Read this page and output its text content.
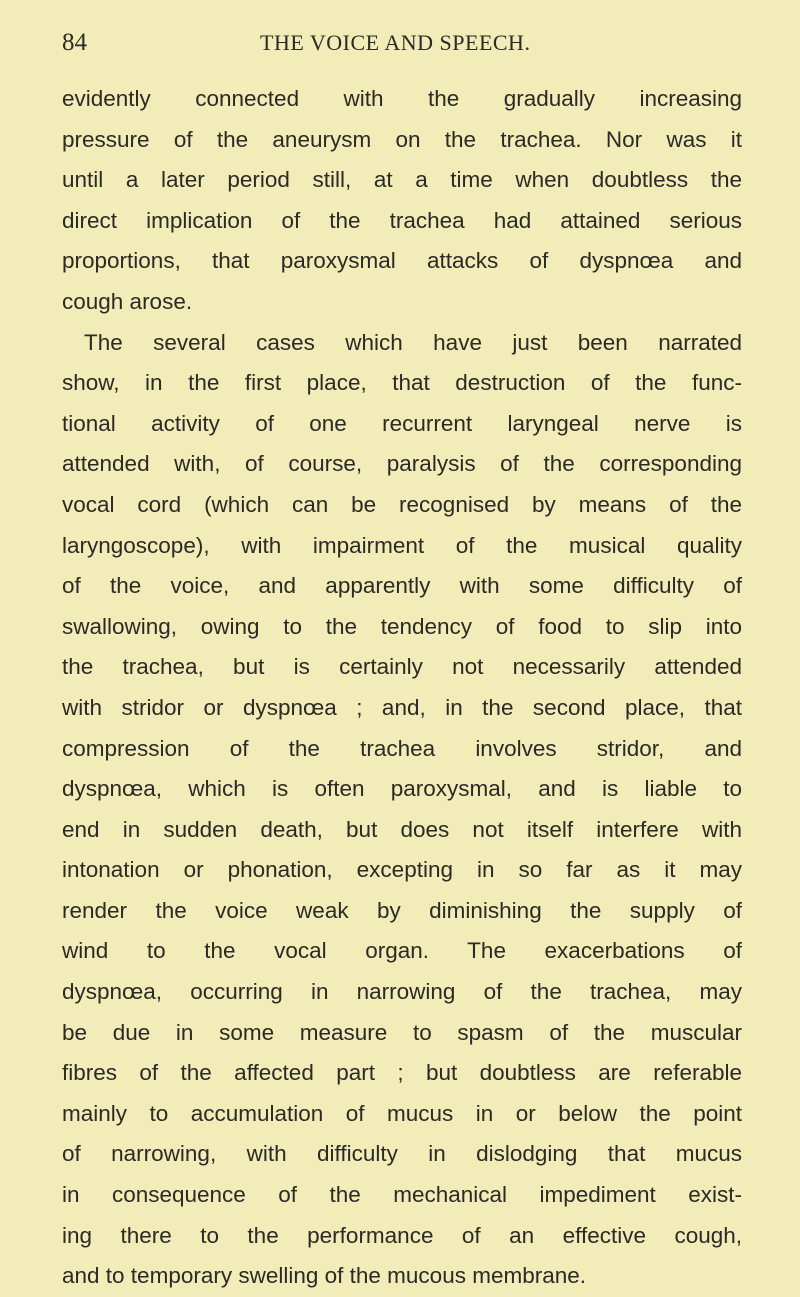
84	THE VOICE AND SPEECH.
evidently connected with the gradually increasing
pressure of the aneurysm on the trachea. Nor was it
until a later period still, at a time when doubtless the
direct implication of the trachea had attained serious
proportions, that paroxysmal attacks of dyspnœa and
cough arose.
The several cases which have just been narrated
show, in the first place, that destruction of the func-
tional activity of one recurrent laryngeal nerve is
attended with, of course, paralysis of the corresponding
vocal cord (which can be recognised by means of the
laryngoscope), with impairment of the musical quality
of the voice, and apparently with some difficulty of
swallowing, owing to the tendency of food to slip into
the trachea, but is certainly not necessarily attended
with stridor or dyspnœa ; and, in the second place, that
compression of the trachea involves stridor, and
dyspnœa, which is often paroxysmal, and is liable to
end in sudden death, but does not itself interfere with
intonation or phonation, excepting in so far as it may
render the voice weak by diminishing the supply of
wind to the vocal organ. The exacerbations of
dyspnœa, occurring in narrowing of the trachea, may
be due in some measure to spasm of the muscular
fibres of the affected part ; but doubtless are referable
mainly to accumulation of mucus in or below the point
of narrowing, with difficulty in dislodging that mucus
in consequence of the mechanical impediment exist-
ing there to the performance of an effective cough,
and to temporary swelling of the mucous membrane.
